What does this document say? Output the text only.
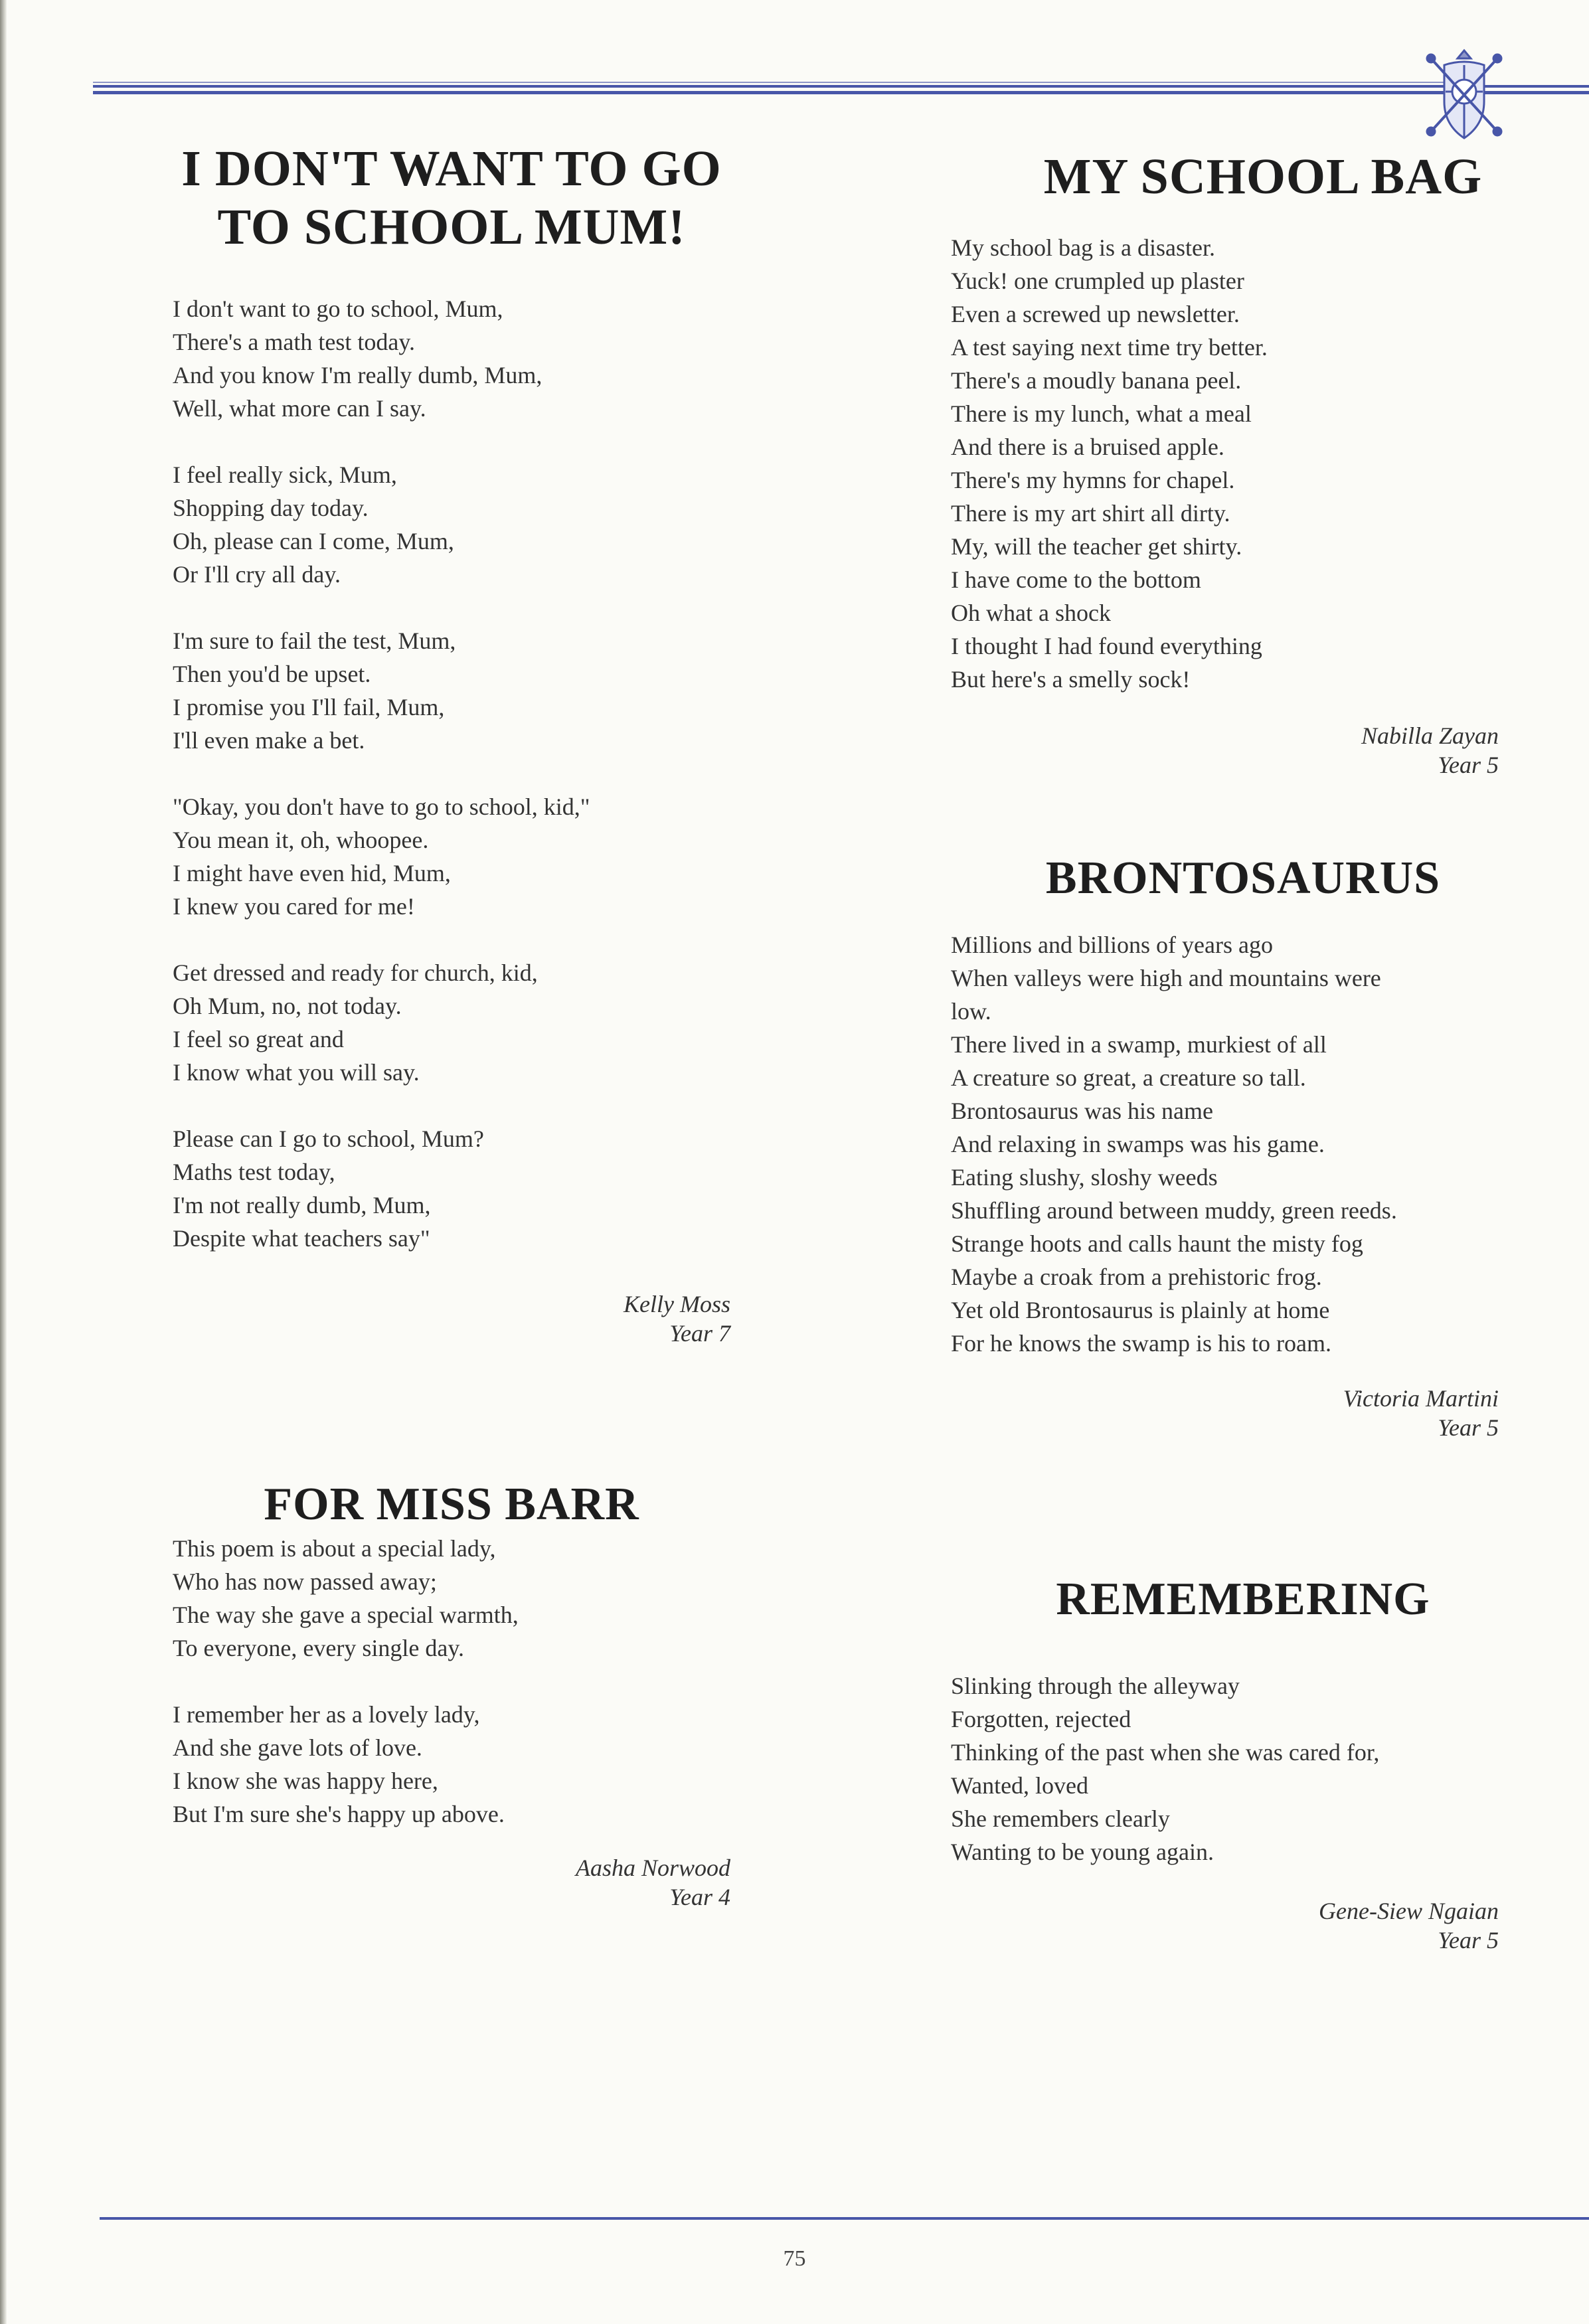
I DON'T WANT TO GO
TO SCHOOL MUM!
I don't want to go to school, Mum,
There's a math test today.
And you know I'm really dumb, Mum,
Well, what more can I say.
I feel really sick, Mum,
Shopping day today.
Oh, please can I come, Mum,
Or I'll cry all day.
I'm sure to fail the test, Mum,
Then you'd be upset.
I promise you I'll fail, Mum,
I'll even make a bet.
"Okay, you don't have to go to school, kid,"
You mean it, oh, whoopee.
I might have even hid, Mum,
I knew you cared for me!
Get dressed and ready for church, kid,
Oh Mum, no, not today.
I feel so great and
I know what you will say.
Please can I go to school, Mum?
Maths test today,
I'm not really dumb, Mum,
Despite what teachers say"
Kelly Moss
Year 7
FOR MISS BARR
This poem is about a special lady,
Who has now passed away;
The way she gave a special warmth,
To everyone, every single day.
I remember her as a lovely lady,
And she gave lots of love.
I know she was happy here,
But I'm sure she's happy up above.
Aasha Norwood
Year 4
MY SCHOOL BAG
My school bag is a disaster.
Yuck! one crumpled up plaster
Even a screwed up newsletter.
A test saying next time try better.
There's a moudly banana peel.
There is my lunch, what a meal
And there is a bruised apple.
There's my hymns for chapel.
There is my art shirt all dirty.
My, will the teacher get shirty.
I have come to the bottom
Oh what a shock
I thought I had found everything
But here's a smelly sock!
Nabilla Zayan
Year 5
BRONTOSAURUS
Millions and billions of years ago
When valleys were high and mountains were
low.
There lived in a swamp, murkiest of all
A creature so great, a creature so tall.
Brontosaurus was his name
And relaxing in swamps was his game.
Eating slushy, sloshy weeds
Shuffling around between muddy, green reeds.
Strange hoots and calls haunt the misty fog
Maybe a croak from a prehistoric frog.
Yet old Brontosaurus is plainly at home
For he knows the swamp is his to roam.
Victoria Martini
Year 5
REMEMBERING
Slinking through the alleyway
Forgotten, rejected
Thinking of the past when she was cared for,
Wanted, loved
She remembers clearly
Wanting to be young again.
Gene-Siew Ngaian
Year 5
75
